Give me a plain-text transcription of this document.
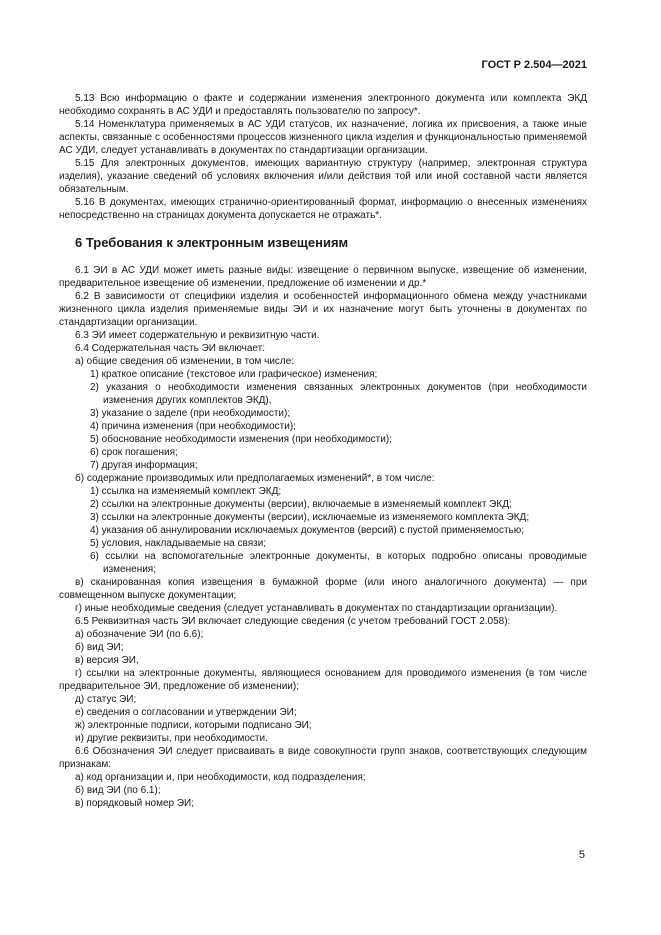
ГОСТ Р 2.504—2021

5.13 Всю информацию о факте и содержании изменения электронного документа или комплекта ЭКД необходимо сохранять в АС УДИ и предоставлять пользователю по запросу*.

5.14 Номенклатура применяемых в АС УДИ статусов, их назначение, логика их присвоения, а также иные аспекты, связанные с особенностями процессов жизненного цикла изделия и функциональностью применяемой АС УДИ, следует устанавливать в документах по стандартизации организации.

5.15 Для электронных документов, имеющих вариантную структуру (например, электронная структура изделия), указание сведений об условиях включения и/или действия той или иной составной части является обязательным.

5.16 В документах, имеющих странично-ориентированный формат, информацию о внесенных изменениях непосредственно на страницах документа допускается не отражать*.

6 Требования к электронным извещениям

6.1 ЭИ в АС УДИ может иметь разные виды: извещение о первичном выпуске, извещение об изменении, предварительное извещение об изменении, предложение об изменении и др.*

6.2 В зависимости от специфики изделия и особенностей информационного обмена между участниками жизненного цикла изделия применяемые виды ЭИ и их назначение могут быть уточнены в документах по стандартизации организации.

6.3 ЭИ имеет содержательную и реквизитную части.

6.4 Содержательная часть ЭИ включает:

а) общие сведения об изменении, в том числе:

1) краткое описание (текстовое или графическое) изменения;

2) указания о необходимости изменения связанных электронных документов (при необходимости изменения других комплектов ЭКД),

3) указание о заделе (при необходимости);

4) причина изменения (при необходимости);

5) обоснование необходимости изменения (при необходимости);

6) срок погашения;

7) другая информация;

б) содержание производимых или предполагаемых изменений*, в том числе:

1) ссылка на изменяемый комплект ЭКД;

2) ссылки на электронные документы (версии), включаемые в изменяемый комплект ЭКД;

3) ссылки на электронные документы (версии), исключаемые из изменяемого комплекта ЭКД;

4) указания об аннулировании исключаемых документов (версий) с пустой применяемостью;

5) условия, накладываемые на связи;

6) ссылки на вспомогательные электронные документы, в которых подробно описаны проводимые изменения;

в) сканированная копия извещения в бумажной форме (или иного аналогичного документа) — при совмещенном выпуске документации;

г) иные необходимые сведения (следует устанавливать в документах по стандартизации организации).

6.5 Реквизитная часть ЭИ включает следующие сведения (с учетом требований ГОСТ 2.058):

а) обозначение ЭИ (по 6.6);

б) вид ЭИ;

в) версия ЭИ,

г) ссылки на электронные документы, являющиеся основанием для проводимого изменения (в том числе предварительное ЭИ, предложение об изменении);

д) статус ЭИ;

е) сведения о согласовании и утверждении ЭИ;

ж) электронные подписи, которыми подписано ЭИ;

и) другие реквизиты, при необходимости.

6.6 Обозначения ЭИ следует присваивать в виде совокупности групп знаков, соответствующих следующим признакам:

а) код организации и, при необходимости, код подразделения;

б) вид ЭИ (по 6.1);

в) порядковый номер ЭИ;

5
